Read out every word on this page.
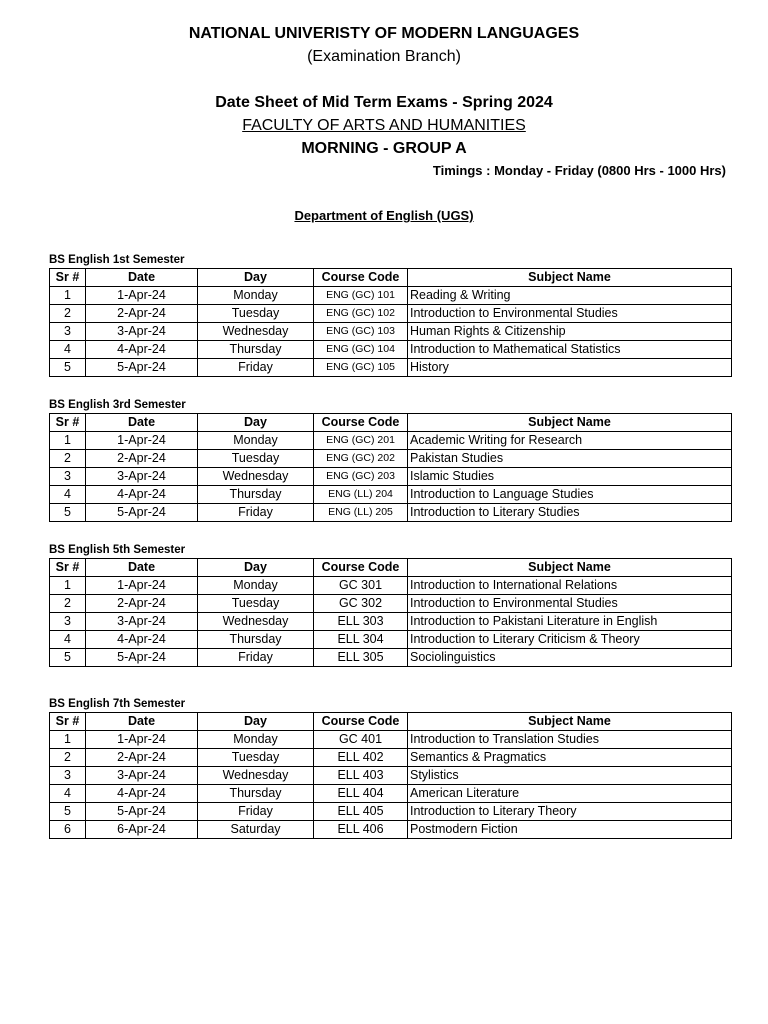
NATIONAL UNIVERISTY OF MODERN LANGUAGES
(Examination Branch)
Date Sheet of Mid Term Exams - Spring 2024
FACULTY OF ARTS AND HUMANITIES
MORNING - GROUP A
Timings : Monday - Friday (0800 Hrs - 1000 Hrs)
Department of English (UGS)
BS English 1st Semester
Sr #	Date	Day	Course Code	Subject Name
1	1-Apr-24	Monday	ENG (GC) 101	Reading & Writing
2	2-Apr-24	Tuesday	ENG (GC) 102	Introduction to Environmental Studies
3	3-Apr-24	Wednesday	ENG (GC) 103	Human Rights & Citizenship
4	4-Apr-24	Thursday	ENG (GC) 104	Introduction to Mathematical Statistics
5	5-Apr-24	Friday	ENG (GC) 105	History
BS English 3rd Semester
Sr #	Date	Day	Course Code	Subject Name
1	1-Apr-24	Monday	ENG (GC) 201	Academic Writing for Research
2	2-Apr-24	Tuesday	ENG (GC) 202	Pakistan Studies
3	3-Apr-24	Wednesday	ENG (GC) 203	Islamic Studies
4	4-Apr-24	Thursday	ENG (LL) 204	Introduction to Language Studies
5	5-Apr-24	Friday	ENG (LL) 205	Introduction to Literary Studies
BS English 5th Semester
Sr #	Date	Day	Course Code	Subject Name
1	1-Apr-24	Monday	GC 301	Introduction to International Relations
2	2-Apr-24	Tuesday	GC 302	Introduction to Environmental Studies
3	3-Apr-24	Wednesday	ELL 303	Introduction to Pakistani Literature in English
4	4-Apr-24	Thursday	ELL 304	Introduction to Literary Criticism & Theory
5	5-Apr-24	Friday	ELL 305	Sociolinguistics
BS English 7th Semester
Sr #	Date	Day	Course Code	Subject Name
1	1-Apr-24	Monday	GC 401	Introduction to Translation Studies
2	2-Apr-24	Tuesday	ELL 402	Semantics & Pragmatics
3	3-Apr-24	Wednesday	ELL 403	Stylistics
4	4-Apr-24	Thursday	ELL 404	American Literature
5	5-Apr-24	Friday	ELL 405	Introduction to Literary Theory
6	6-Apr-24	Saturday	ELL 406	Postmodern Fiction
